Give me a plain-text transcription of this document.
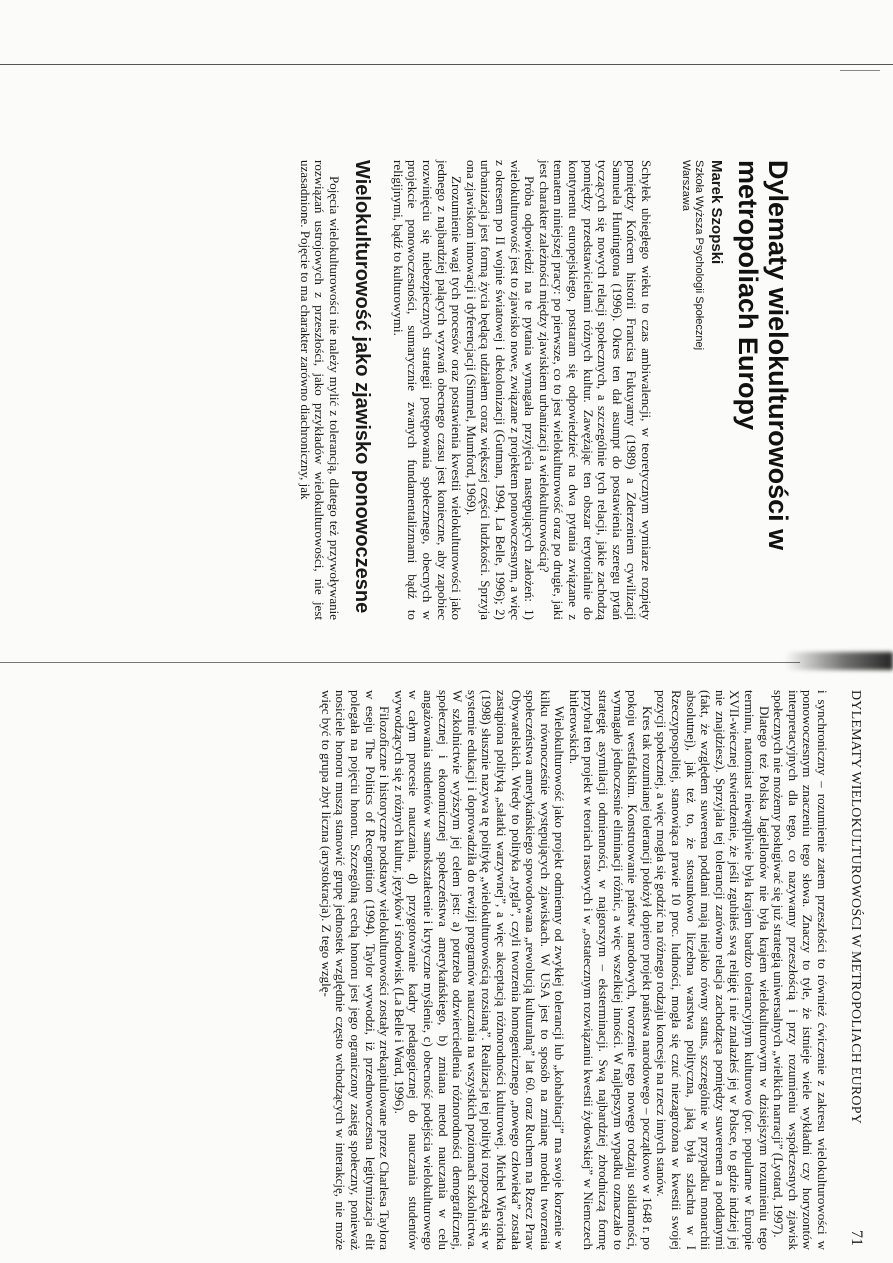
Dylematy wielokulturowości w metropoliach Europy
Marek Szopski
Szkoła Wyższa Psychologii Społecznej
Warszawa

Schyłek ubiegłego wieku to czas ambiwalencji, w teoretycznym wymiarze rozpięty pomiędzy Końcem historii Francisa Fukuyamy (1989) a Zderzeniem cywilizacji Samuela Huntingtona (1996). Okres ten dał asumpt do postawienia szeregu pytań tyczących się nowych relacji społecznych, a szczególnie tych relacji, jakie zachodzą pomiędzy przedstawicielami różnych kultur. Zawężając ten obszar terytorialnie do kontynentu europejskiego, postaram się odpowiedzieć na dwa pytania związane z tematem niniejszej pracy: po pierwsze, co to jest wielokulturowość oraz po drugie, jaki jest charakter zależności między zjawiskiem urbanizacji a wielokulturowością?

Próba odpowiedzi na te pytania wymagała przyjęcia następujących założeń: 1) wielokulturowość jest to zjawisko nowe, związane z projektem ponowoczesnym, a więc z okresem po II wojnie światowej i dekolonizacji (Gutman, 1994, La Belle, 1996); 2) urbanizacja jest formą życia będącą udziałem coraz większej części ludzkości. Sprzyja ona zjawiskom innowacji i dyferencjacji (Simmel, Mumford, 1969).

Zrozumienie wagi tych procesów oraz postawienia kwestii wielokulturowości jako jednego z najbardziej palących wyzwań obecnego czasu jest konieczne, aby zapobiec rozwinięciu się niebezpiecznych strategii postępowania społecznego, obecnych w projekcie ponowoczesności, sumarycznie zwanych fundamentalizmami bądź to religijnymi, bądź to kulturowymi.

Wielokulturowość jako zjawisko ponowoczesne

Pojęcia wielokulturowości nie należy mylić z tolerancją, dlatego też przywoływanie rozwiązań ustrojowych z przeszłości, jako przykładów wielokulturowości, nie jest uzasadnione. Pojęcie to ma charakter zarówno diachroniczny, jak

DYLEMATY WIELOKULTUROWOŚCI W METROPOLIACH EUROPY
71

i synchroniczny – rozumienie zatem przeszłości to również ćwiczenie z zakresu wielokulturowości w ponowoczesnym znaczeniu tego słowa. Znaczy to tyle, że istnieje wiele wykładni czy horyzontów interpretacyjnych dla tego, co nazywamy przeszłością i przy rozumieniu współczesnych zjawisk społecznych nie możemy posługiwać się już strategią uniwersalnych „wielkich narracji” (Lyotard, 1997).

Dlatego też Polska Jagiellonów nie była krajem wielokulturowym w dzisiejszym rozumieniu tego terminu, natomiast niewątpliwie była krajem bardzo tolerancyjnym kulturowo (por. popularne w Europie XVII-wiecznej stwierdzenie, że jeśli zgubiłeś swą religię i nie znalazłeś jej w Polsce, to gdzie indziej jej nie znajdziesz). Sprzyjała tej tolerancji zarówno relacja zachodząca pomiędzy suwerenem a poddanymi (fakt, że względem suwerena poddani mają niejako równy status, szczególnie w przypadku monarchii absolutnej), jak też to, że stosunkowo liczebna warstwa polityczna, jaką była szlachta w I Rzeczypospolitej, stanowiąca prawie 10 proc. ludności, mogła się czuć niezagrożona w kwestii swojej pozycji społecznej, a więc mogła się godzić na różnego rodzaju koncesje na rzecz innych stanów.

Kres tak rozumianej tolerancji położył dopiero projekt państwa narodowego – początkowo w 1648 r. po pokoju westfalskim. Konstruowanie państw narodowych, tworzenie tego nowego rodzaju solidarności, wymagało jednoczesnie eliminacji różnic, a więc wszelkiej inności. W najlepszym wypadku oznaczało to strategię asymilacji odmienności, w najgorszym – eksterminacji. Swą najbardziej zbrodniczą formę przybrał ten projekt w teoriach rasowych i w „ostatecznym rozwiązaniu kwestii żydowskiej” w Niemczech hitlerowskich.

Wielokulturowość jako projekt odmienny od zwykłej tolerancji lub „kohabitacji” ma swoje korzenie w kilku równocześnie występujących zjawiskach. W USA jest to sposób na zmianę modelu tworzenia społeczeństwa amerykańskiego spowodowana „rewolucją kulturalną” lat 60. oraz Ruchem na Rzecz Praw Obywatelskich. Wtedy to polityka „tygla”, czyli tworzenia homogenicznego „nowego człowieka” została zastąpiona polityką „sałatki warzywnej”, a więc akceptacją różnorodności kulturowej. Michel Wieviorka (1998) słusznie nazywa tę politykę „wielokulturowością rozsianą”. Realizacja tej polityki rozpoczęła się w systemie edukacji i doprowadziła do rewizji programów nauczania na wszystkich poziomach szkolnictwa. W szkolnictwie wyższym jej celem jest: a) potrzeba odzwierciedlenia różnorodności demograficznej, społecznej i ekonomicznej społeczeństwa amerykańskiego, b) zmiana metod nauczania w celu angażowania studentów w samokształcenie i krytyczne myślenie, c) obecność podejścia wielokulturowego w całym procesie nauczania, d) przygotowanie kadry pedagogicznej do nauczania studentów wywodzących się z różnych kultur, języków i środowisk (La Belle i Ward, 1996).

Filozoficzne i historyczne podstawy wielokulturowości zostały zrekapitulowane przez Charlesa Taylora w eseju The Politics of Recognition (1994). Taylor wywodzi, iż przednowoczesna legitymizacja elit polegała na pojęciu honoru. Szczególną cechą honoru jest jego ograniczony zasięg społeczny, ponieważ nosiciele honoru muszą stanowić grupę jednostek względnie często wchodzących w interakcję, nie może więc być to grupa zbyt liczna (arystokracja). Z tego wzglę-
